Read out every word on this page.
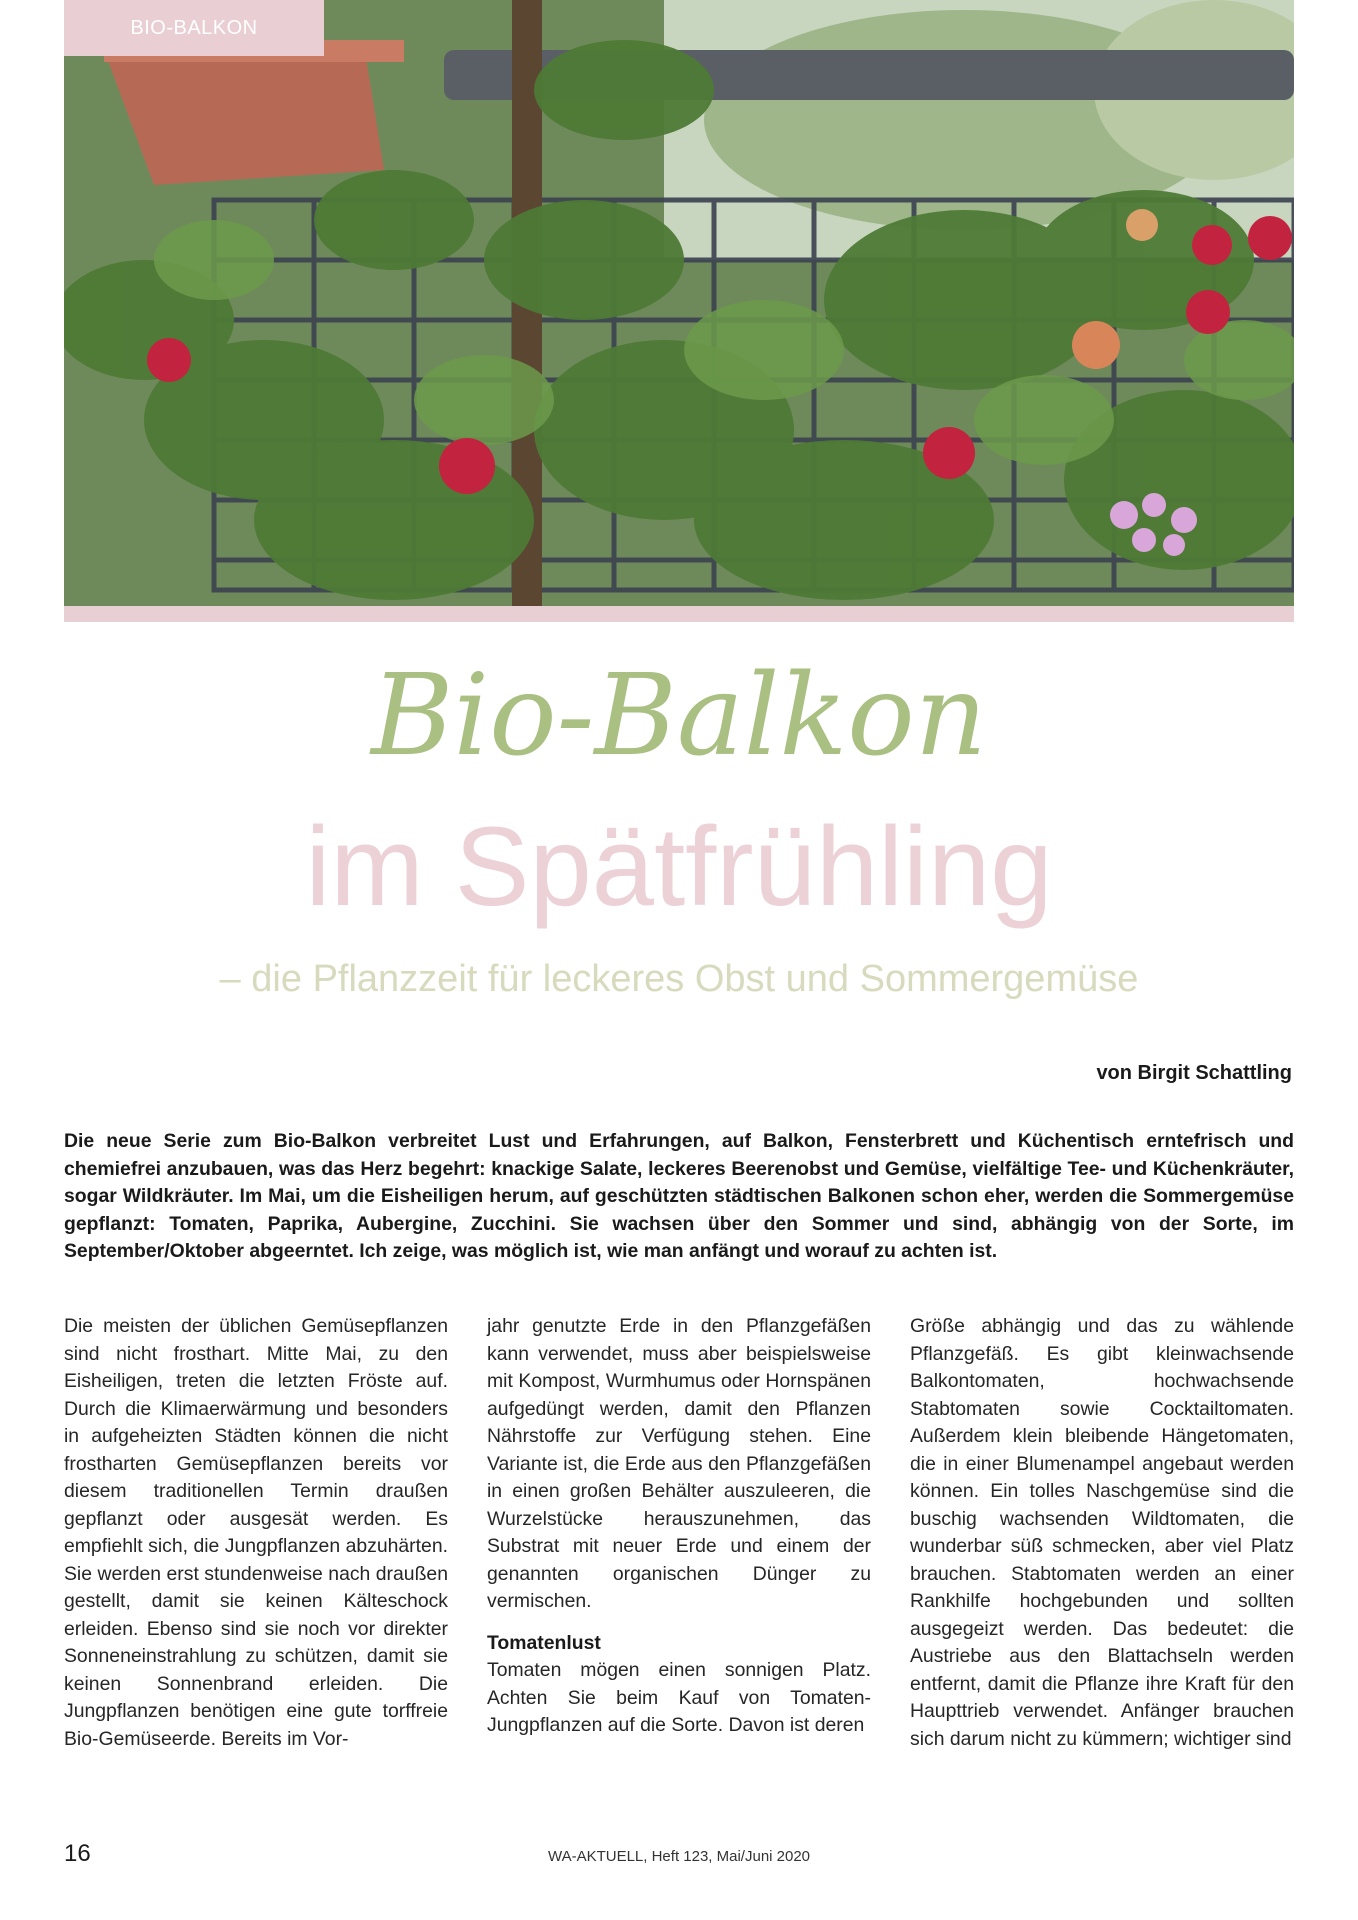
BIO-BALKON
Bio-Balkon
im Spätfrühling
– die Pflanzzeit für leckeres Obst und Sommergemüse
von Birgit Schattling
Die neue Serie zum Bio-Balkon verbreitet Lust und Erfahrungen, auf Balkon, Fensterbrett und Küchentisch erntefrisch und chemiefrei anzubauen, was das Herz begehrt: knackige Salate, leckeres Beerenobst und Gemüse, vielfältige Tee- und Küchenkräuter, sogar Wildkräuter. Im Mai, um die Eisheiligen herum, auf geschützten städtischen Balkonen schon eher, werden die Sommergemüse gepflanzt: Tomaten, Paprika, Aubergine, Zucchini. Sie wachsen über den Sommer und sind, abhängig von der Sorte, im September/Oktober abgeerntet. Ich zeige, was möglich ist, wie man anfängt und worauf zu achten ist.

Die meisten der üblichen Gemüsepflanzen sind nicht frosthart. Mitte Mai, zu den Eisheiligen, treten die letzten Fröste auf. Durch die Klimaerwärmung und besonders in aufgeheizten Städten können die nicht frostharten Gemüsepflanzen bereits vor diesem traditionellen Termin draußen gepflanzt oder ausgesät werden. Es empfiehlt sich, die Jungpflanzen abzuhärten. Sie werden erst stundenweise nach draußen gestellt, damit sie keinen Kälteschock erleiden. Ebenso sind sie noch vor direkter Sonneneinstrahlung zu schützen, damit sie keinen Sonnenbrand erleiden. Die Jungpflanzen benötigen eine gute torffreie Bio-Gemüseerde. Bereits im Vor-

jahr genutzte Erde in den Pflanzgefäßen kann verwendet, muss aber beispielsweise mit Kompost, Wurmhumus oder Hornspänen aufgedüngt werden, damit den Pflanzen Nährstoffe zur Verfügung stehen. Eine Variante ist, die Erde aus den Pflanzgefäßen in einen großen Behälter auszuleeren, die Wurzelstücke herauszunehmen, das Substrat mit neuer Erde und einem der genannten organischen Dünger zu vermischen.

Tomatenlust

Tomaten mögen einen sonnigen Platz. Achten Sie beim Kauf von Tomaten-Jungpflanzen auf die Sorte. Davon ist deren

Größe abhängig und das zu wählende Pflanzgefäß. Es gibt kleinwachsende Balkontomaten, hochwachsende Stabtomaten sowie Cocktailtomaten. Außerdem klein bleibende Hängetomaten, die in einer Blumenampel angebaut werden können. Ein tolles Naschgemüse sind die buschig wachsenden Wildtomaten, die wunderbar süß schmecken, aber viel Platz brauchen. Stabtomaten werden an einer Rankhilfe hochgebunden und sollten ausgegeizt werden. Das bedeutet: die Austriebe aus den Blattachseln werden entfernt, damit die Pflanze ihre Kraft für den Haupttrieb verwendet. Anfänger brauchen sich darum nicht zu kümmern; wichtiger sind

16	WA-AKTUELL, Heft 123, Mai/Juni 2020
